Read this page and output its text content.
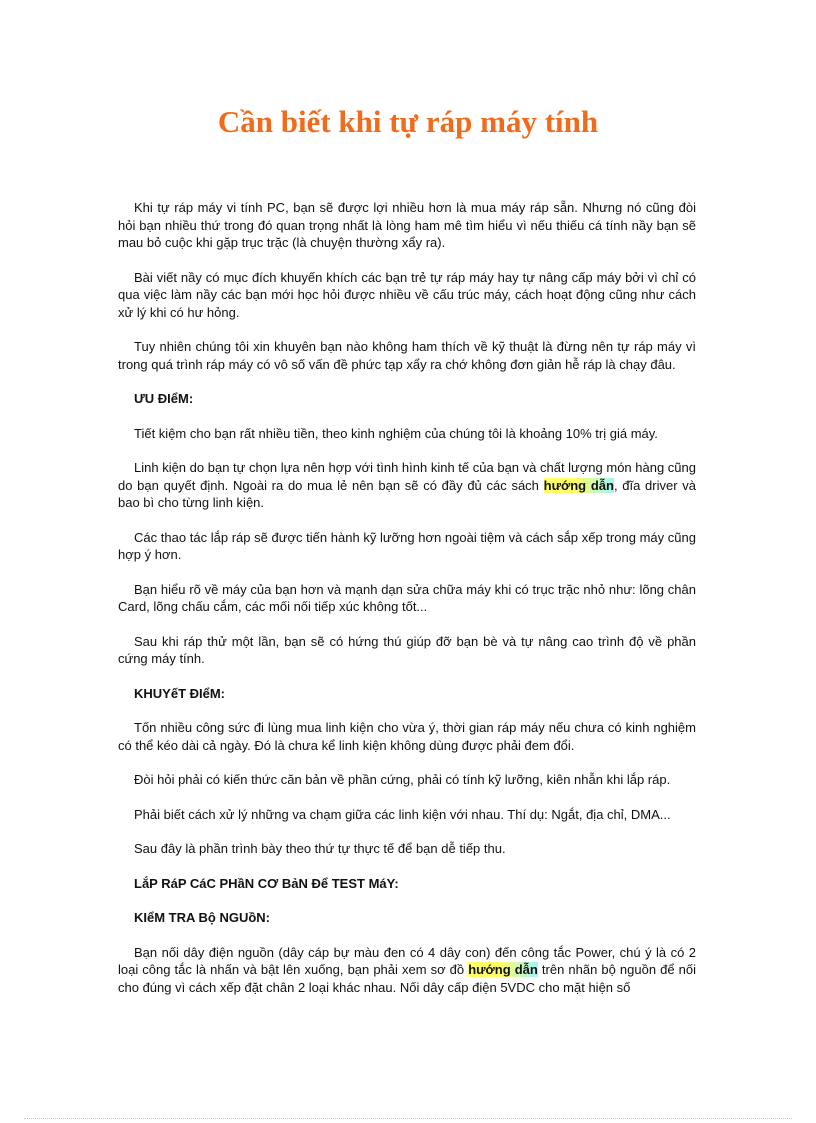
Cần biết khi tự ráp máy tính

Khi tự ráp máy vi tính PC, bạn sẽ được lợi nhiều hơn là mua máy ráp sẵn. Nhưng nó cũng đòi hỏi bạn nhiều thứ trong đó quan trọng nhất là lòng ham mê tìm hiểu vì nếu thiếu cá tính nầy bạn sẽ mau bỏ cuộc khi gặp trục trặc (là chuyện thường xẩy ra).

Bài viết nầy có mục đích khuyến khích các bạn trẻ tự ráp máy hay tự nâng cấp máy bởi vì chỉ có qua việc làm nầy các bạn mới học hỏi được nhiều về cấu trúc máy, cách hoạt động cũng như cách xử lý khi có hư hỏng.

Tuy nhiên chúng tôi xin khuyên bạn nào không ham thích về kỹ thuật là đừng nên tự ráp máy vì trong quá trình ráp máy có vô số vấn đề phức tạp xẩy ra chớ không đơn giản hễ ráp là chạy đâu.

ƯU ĐIểM:

Tiết kiệm cho bạn rất nhiều tiền, theo kinh nghiệm của chúng tôi là khoảng 10% trị giá máy.

Linh kiện do bạn tự chọn lựa nên hợp với tình hình kinh tế của bạn và chất lượng món hàng cũng do bạn quyết định. Ngoài ra do mua lẻ nên bạn sẽ có đầy đủ các sách hướng dẫn, đĩa driver và bao bì cho từng linh kiện.

Các thao tác lắp ráp sẽ được tiến hành kỹ lưỡng hơn ngoài tiệm và cách sắp xếp trong máy cũng hợp ý hơn.

Bạn hiểu rõ về máy của bạn hơn và mạnh dạn sửa chữa máy khi có trục trặc nhỏ như: lõng chân Card, lõng chấu cắm, các mối nối tiếp xúc không tốt...

Sau khi ráp thử một lần, bạn sẽ có hứng thú giúp đỡ bạn bè và tự nâng cao trình độ về phần cứng máy tính.

KHUYếT ĐIểM:

Tốn nhiều công sức đi lùng mua linh kiện cho vừa ý, thời gian ráp máy nếu chưa có kinh nghiệm có thể kéo dài cả ngày. Đó là chưa kể linh kiện không dùng được phải đem đổi.

Đòi hỏi phải có kiến thức căn bản về phần cứng, phải có tính kỹ lưỡng, kiên nhẫn khi lắp ráp.

Phải biết cách xử lý những va chạm giữa các linh kiện với nhau. Thí dụ: Ngắt, địa chỉ, DMA...

Sau đây là phần trình bày theo thứ tự thực tế để bạn dễ tiếp thu.

LắP RáP CáC PHầN CƠ BảN Để TEST MáY:

KIểM TRA Bộ NGUồN:

Bạn nối dây điện nguồn (dây cáp bự màu đen có 4 dây con) đến công tắc Power, chú ý là có 2 loại công tắc là nhấn và bật lên xuống, bạn phải xem sơ đồ hướng dẫn trên nhãn bộ nguồn để nối cho đúng vì cách xếp đặt chân 2 loại khác nhau. Nối dây cấp điện 5VDC cho mặt hiện số
